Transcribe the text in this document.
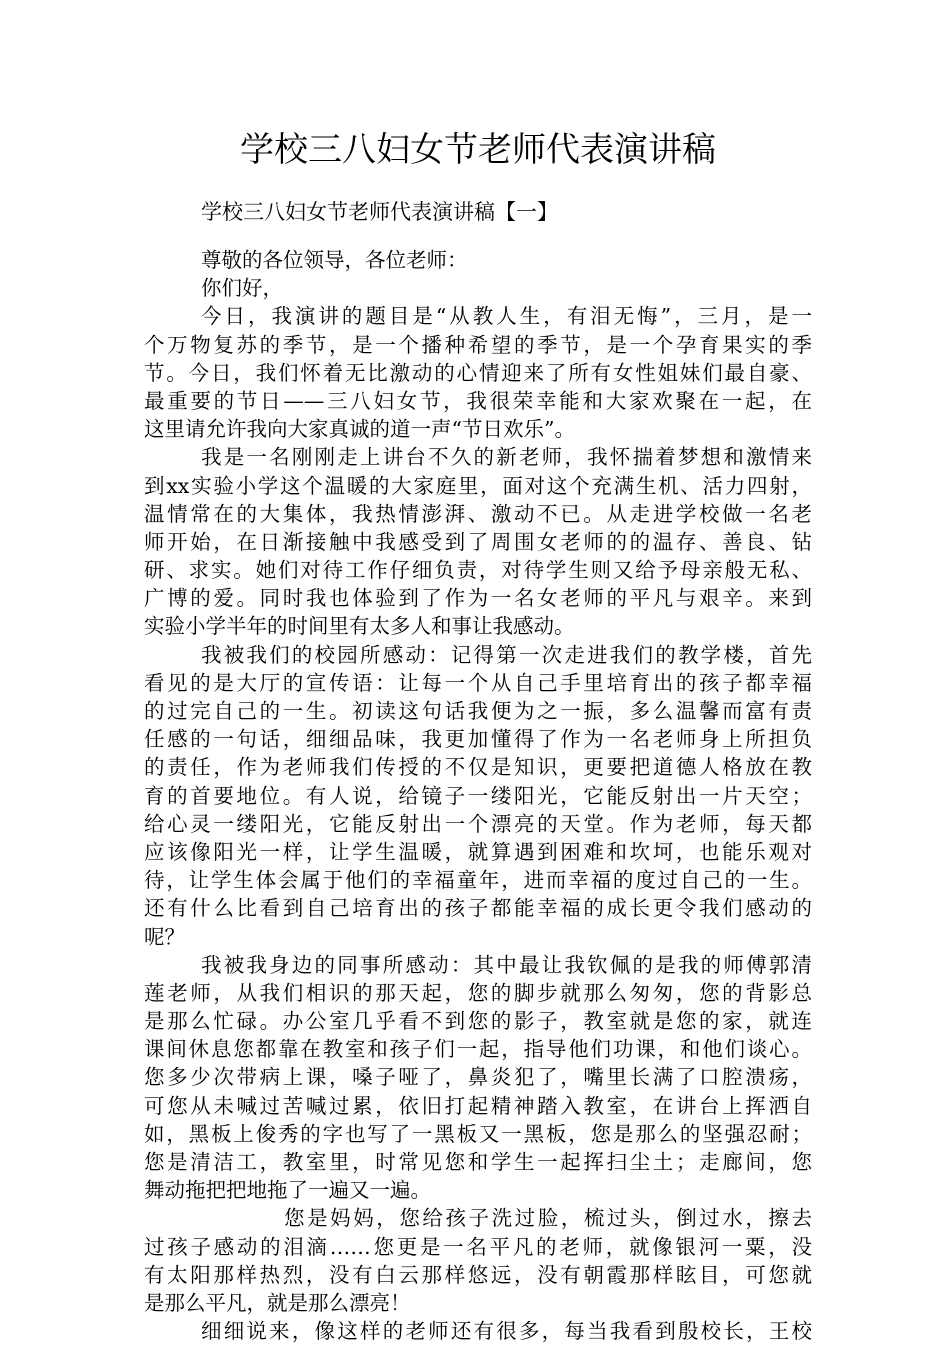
学校三八妇女节老师代表演讲稿
学校三八妇女节老师代表演讲稿【一】
尊敬的各位领导，各位老师：
你们好，
今日，我演讲的题目是“从教人生，有泪无悔”，三月，是一
个万物复苏的季节，是一个播种希望的季节，是一个孕育果实的季
节。今日，我们怀着无比激动的心情迎来了所有女性姐妹们最自豪、
最重要的节日——三八妇女节，我很荣幸能和大家欢聚在一起，在
这里请允许我向大家真诚的道一声“节日欢乐”。
我是一名刚刚走上讲台不久的新老师，我怀揣着梦想和激情来
到xx实验小学这个温暖的大家庭里，面对这个充满生机、活力四射，
温情常在的大集体，我热情澎湃、激动不已。从走进学校做一名老
师开始，在日渐接触中我感受到了周围女老师的的温存、善良、钻
研、求实。她们对待工作仔细负责，对待学生则又给予母亲般无私、
广博的爱。同时我也体验到了作为一名女老师的平凡与艰辛。来到
实验小学半年的时间里有太多人和事让我感动。
我被我们的校园所感动：记得第一次走进我们的教学楼，首先
看见的是大厅的宣传语：让每一个从自己手里培育出的孩子都幸福
的过完自己的一生。初读这句话我便为之一振，多么温馨而富有责
任感的一句话，细细品味，我更加懂得了作为一名老师身上所担负
的责任，作为老师我们传授的不仅是知识，更要把道德人格放在教
育的首要地位。有人说，给镜子一缕阳光，它能反射出一片天空；
给心灵一缕阳光，它能反射出一个漂亮的天堂。作为老师，每天都
应该像阳光一样，让学生温暖，就算遇到困难和坎坷，也能乐观对
待，让学生体会属于他们的幸福童年，进而幸福的度过自己的一生。
还有什么比看到自己培育出的孩子都能幸福的成长更令我们感动的
呢？
我被我身边的同事所感动：其中最让我钦佩的是我的师傅郭清
莲老师，从我们相识的那天起，您的脚步就那么匆匆，您的背影总
是那么忙碌。办公室几乎看不到您的影子，教室就是您的家，就连
课间休息您都靠在教室和孩子们一起，指导他们功课，和他们谈心。
您多少次带病上课，嗓子哑了，鼻炎犯了，嘴里长满了口腔溃疡，
可您从未喊过苦喊过累，依旧打起精神踏入教室，在讲台上挥洒自
如，黑板上俊秀的字也写了一黑板又一黑板，您是那么的坚强忍耐；
您是清洁工，教室里，时常见您和学生一起挥扫尘土；走廊间，您
舞动拖把把地拖了一遍又一遍。
您是妈妈，您给孩子洗过脸，梳过头，倒过水，擦去
过孩子感动的泪滴……您更是一名平凡的老师，就像银河一粟，没
有太阳那样热烈，没有白云那样悠远，没有朝霞那样眩目，可您就
是那么平凡，就是那么漂亮！
细细说来，像这样的老师还有很多，每当我看到殷校长，王校
